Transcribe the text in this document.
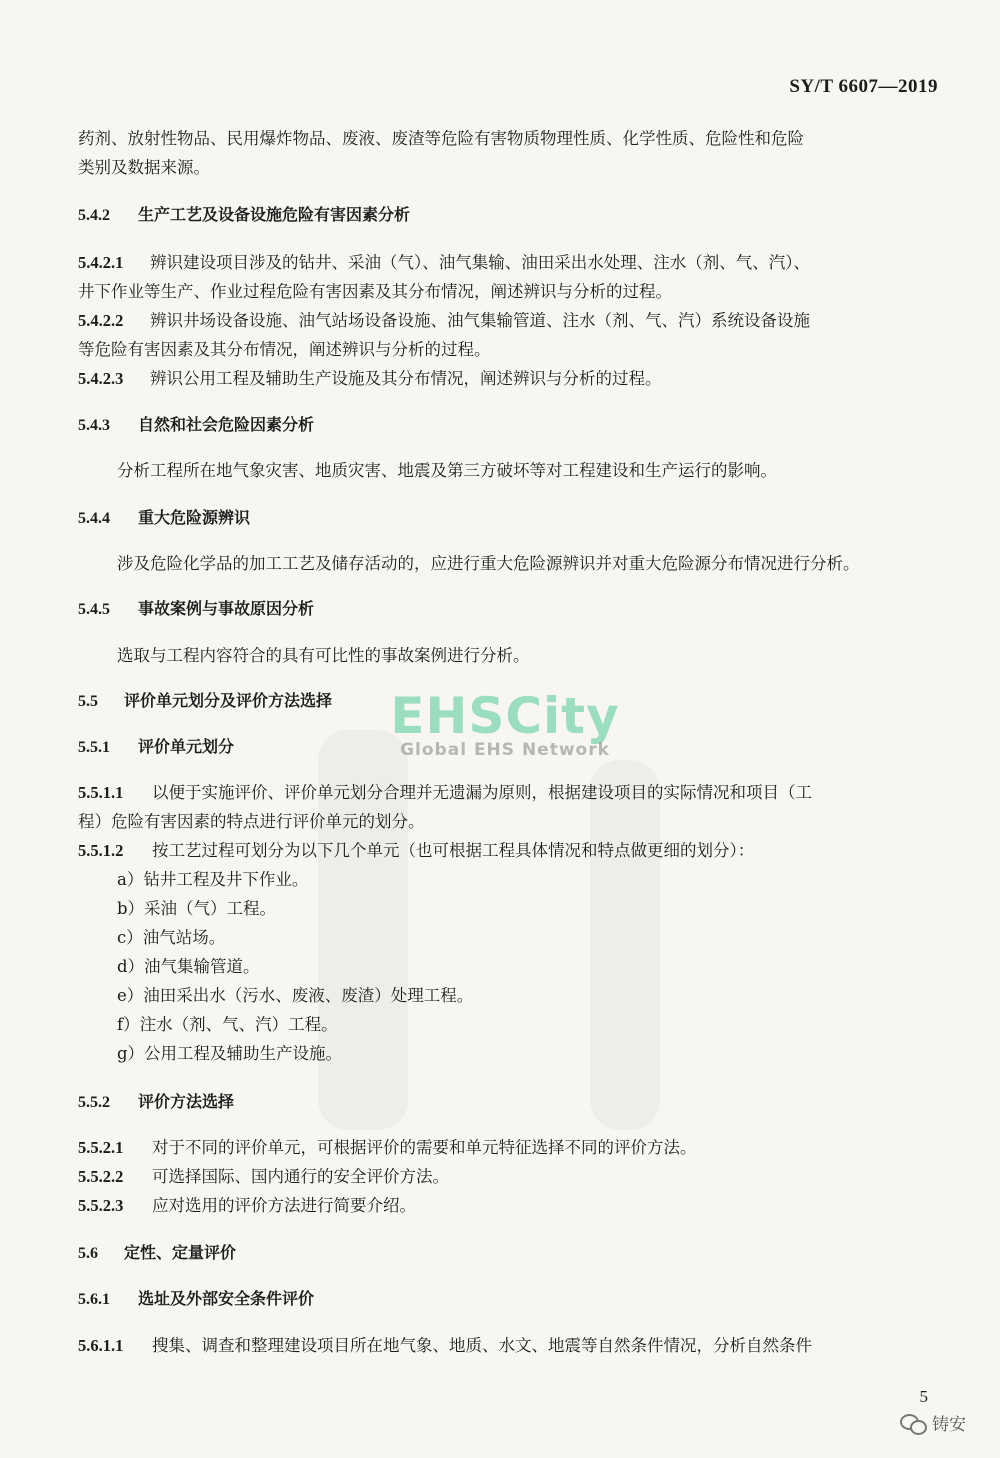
SY/T 6607—2019
药剂、放射性物品、民用爆炸物品、废液、废渣等危险有害物质物理性质、化学性质、危险性和危险
类别及数据来源。
5.4.2 生产工艺及设备设施危险有害因素分析
5.4.2.1 辨识建设项目涉及的钻井、采油（气）、油气集输、油田采出水处理、注水（剂、气、汽）、
井下作业等生产、作业过程危险有害因素及其分布情况，阐述辨识与分析的过程。
5.4.2.2 辨识井场设备设施、油气站场设备设施、油气集输管道、注水（剂、气、汽）系统设备设施
等危险有害因素及其分布情况，阐述辨识与分析的过程。
5.4.2.3 辨识公用工程及辅助生产设施及其分布情况，阐述辨识与分析的过程。
5.4.3 自然和社会危险因素分析
分析工程所在地气象灾害、地质灾害、地震及第三方破坏等对工程建设和生产运行的影响。
5.4.4 重大危险源辨识
涉及危险化学品的加工工艺及储存活动的，应进行重大危险源辨识并对重大危险源分布情况进行分析。
5.4.5 事故案例与事故原因分析
选取与工程内容符合的具有可比性的事故案例进行分析。
5.5 评价单元划分及评价方法选择
5.5.1 评价单元划分
5.5.1.1 以便于实施评价、评价单元划分合理并无遗漏为原则，根据建设项目的实际情况和项目（工
程）危险有害因素的特点进行评价单元的划分。
5.5.1.2 按工艺过程可划分为以下几个单元（也可根据工程具体情况和特点做更细的划分）：
a）钻井工程及井下作业。
b）采油（气）工程。
c）油气站场。
d）油气集输管道。
e）油田采出水（污水、废液、废渣）处理工程。
f）注水（剂、气、汽）工程。
g）公用工程及辅助生产设施。
5.5.2 评价方法选择
5.5.2.1 对于不同的评价单元，可根据评价的需要和单元特征选择不同的评价方法。
5.5.2.2 可选择国际、国内通行的安全评价方法。
5.5.2.3 应对选用的评价方法进行简要介绍。
5.6 定性、定量评价
5.6.1 选址及外部安全条件评价
5.6.1.1 搜集、调查和整理建设项目所在地气象、地质、水文、地震等自然条件情况，分析自然条件
EHSCity
Global EHS Network
5
铸安
